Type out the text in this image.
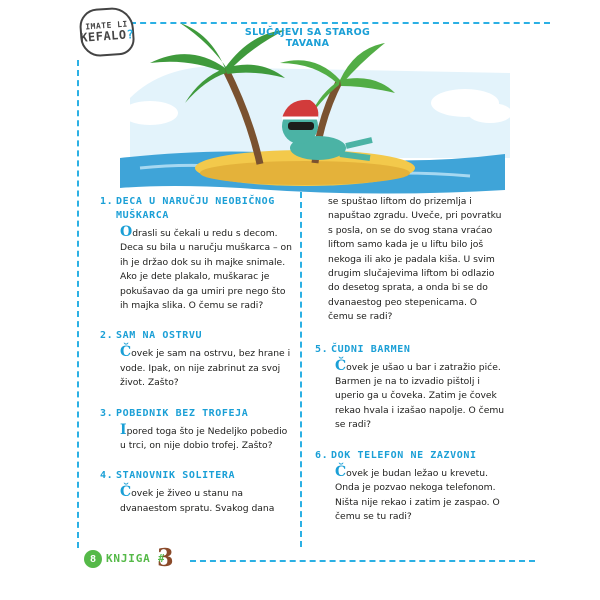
IMATE LI
KEFALO?	SLUČAJEVI SA STAROG TAVANA
1. DECA U NARUČJU NEOBIČNOG MUŠKARCA
Odrasli su čekali u redu s decom. Deca su bila u naručju muškarca – on ih je držao dok su ih majke snimale. Ako je dete plakalo, muškarac je pokušavao da ga umiri pre nego što ih majka slika. O čemu se radi?
2. SAM NA OSTRVU
Čovek je sam na ostrvu, bez hrane i vode. Ipak, on nije zabrinut za svoj život. Zašto?
3. POBEDNIK BEZ TROFEJA
Ipored toga što je Nedeljko pobedio u trci, on nije dobio trofej. Zašto?
4. STANOVNIK SOLITERA
Čovek je živeo u stanu na dvanaestom spratu. Svakog dana
se spuštao liftom do prizemlja i napuštao zgradu. Uveče, pri povratku s posla, on se do svog stana vraćao liftom samo kada je u liftu bilo još nekoga ili ako je padala kiša. U svim drugim slučajevima liftom bi odlazio do desetog sprata, a onda bi se do dvanaestog peo stepenicama. O čemu se radi?
5. ČUDNI BARMEN
Čovek je ušao u bar i zatražio piće. Barmen je na to izvadio pištolj i uperio ga u čoveka. Zatim je čovek rekao hvala i izašao napolje. O čemu se radi?
6. DOK TELEFON NE ZAZVONI
Čovek je budan ležao u krevetu. Onda je pozvao nekoga telefonom. Ništa nije rekao i zatim je zaspao. O čemu se tu radi?
8 KNJIGA #
3
